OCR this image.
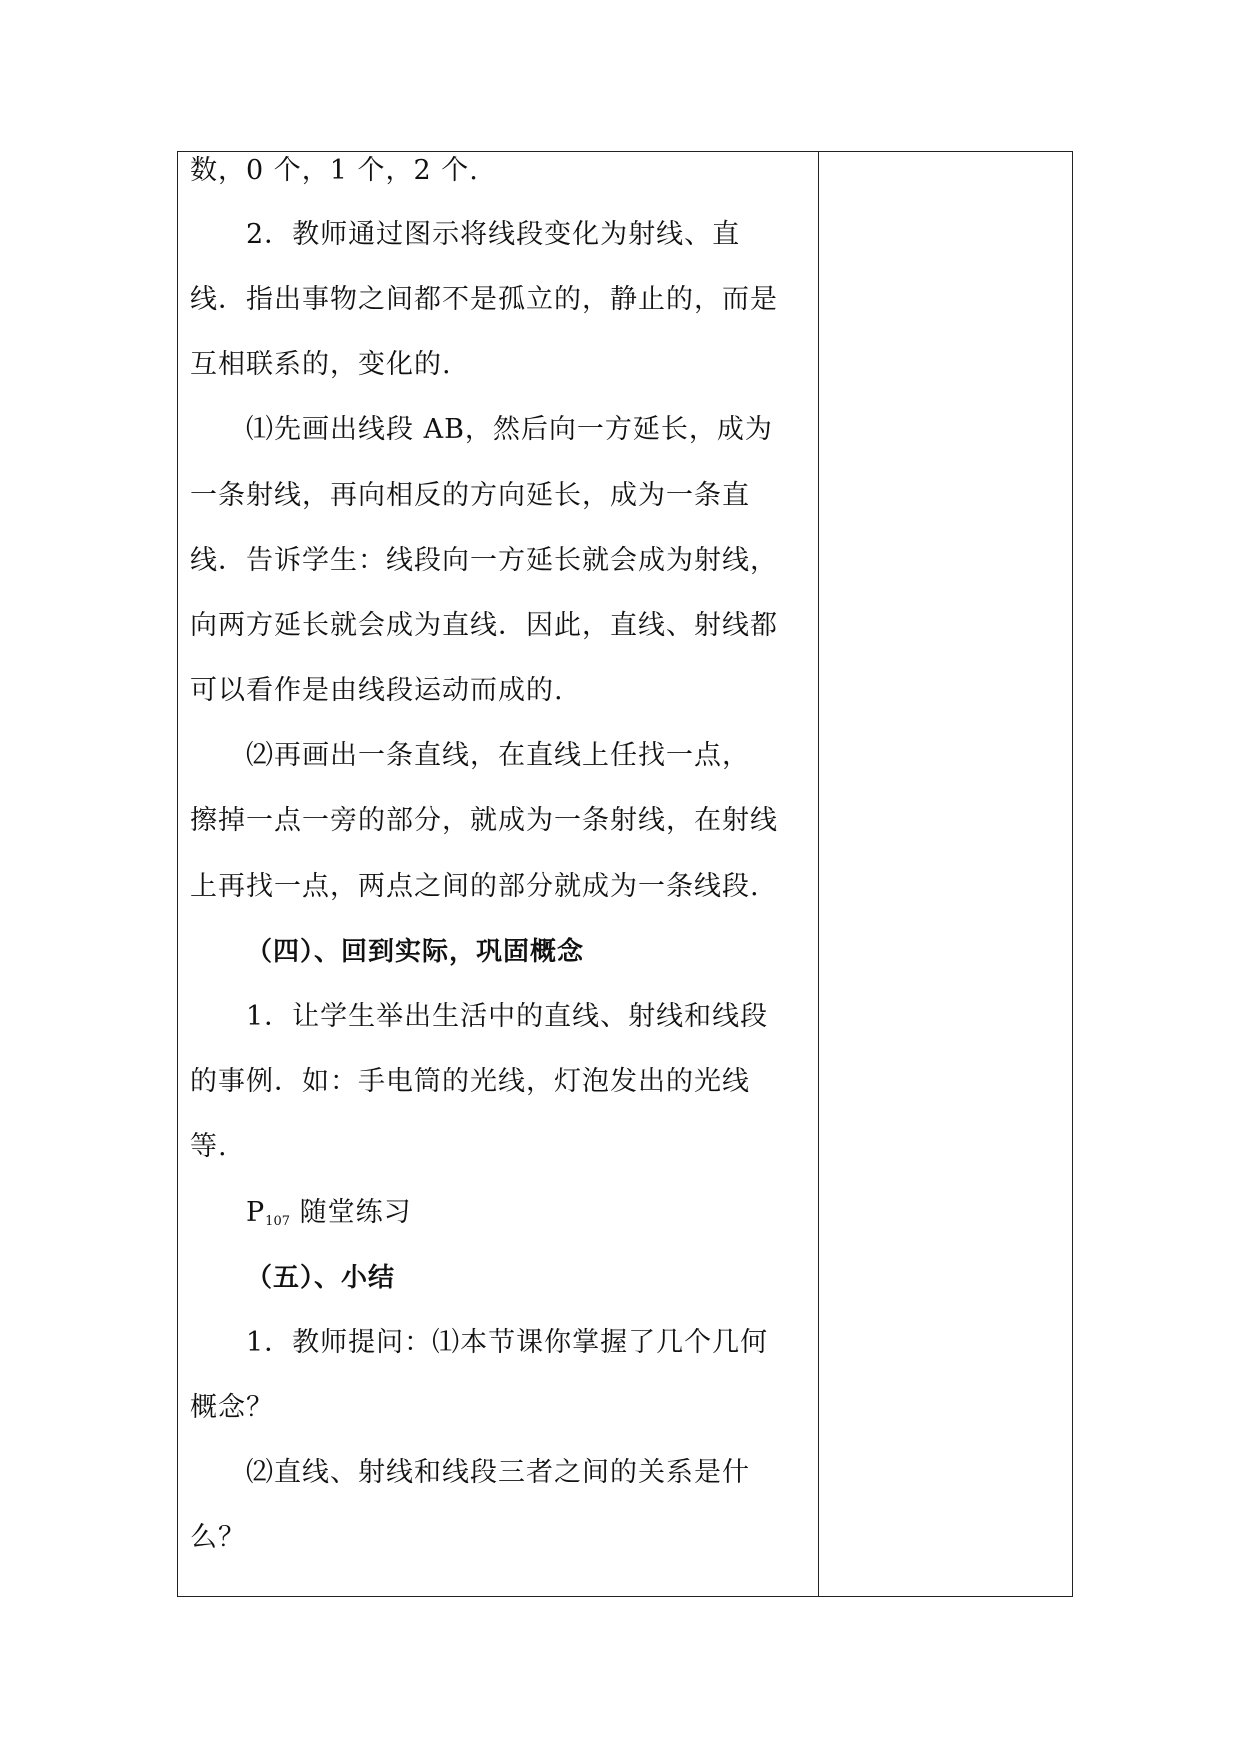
数，0 个，1 个，2 个.
2．教师通过图示将线段变化为射线、直
线．指出事物之间都不是孤立的，静止的，而是
互相联系的，变化的.
⑴先画出线段 AB，然后向一方延长，成为
一条射线，再向相反的方向延长，成为一条直
线．告诉学生：线段向一方延长就会成为射线，
向两方延长就会成为直线．因此，直线、射线都
可以看作是由线段运动而成的.
⑵再画出一条直线，在直线上任找一点，
擦掉一点一旁的部分，就成为一条射线，在射线
上再找一点，两点之间的部分就成为一条线段.
（四）、回到实际，巩固概念
1．让学生举出生活中的直线、射线和线段
的事例．如：手电筒的光线，灯泡发出的光线
等.
$P_{107}$ 随堂练习
（五）、小结
1．教师提问：⑴本节课你掌握了几个几何
概念？
⑵直线、射线和线段三者之间的关系是什
么？
